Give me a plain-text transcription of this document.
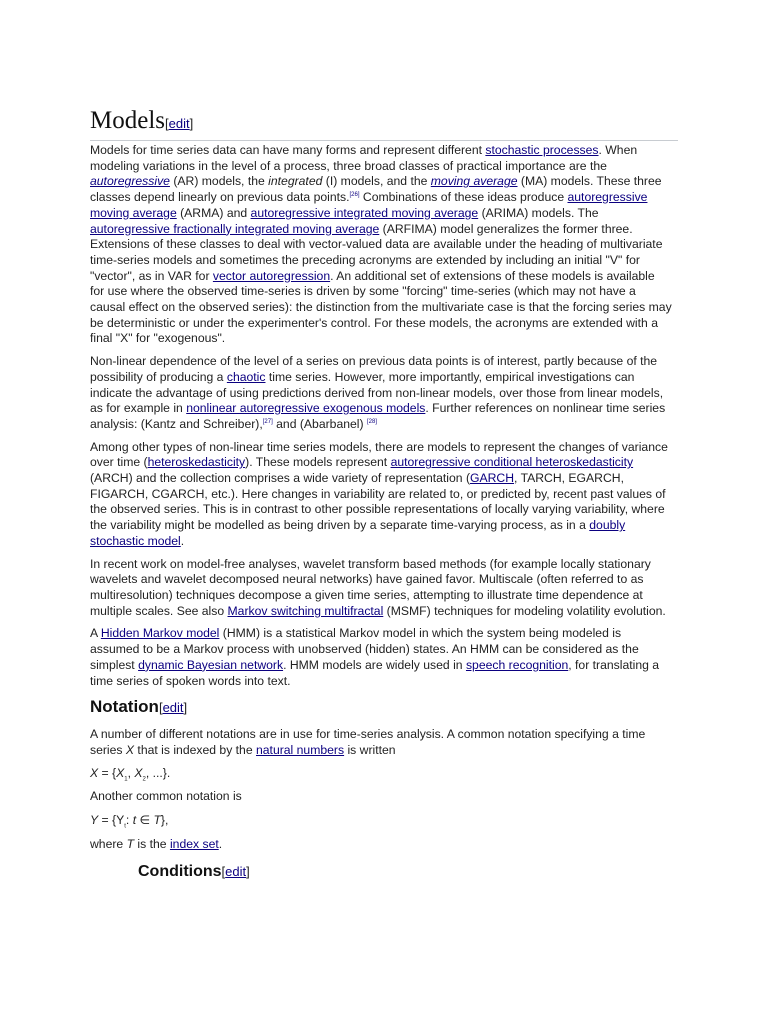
Models[edit]

Models for time series data can have many forms and represent different stochastic processes. When modeling variations in the level of a process, three broad classes of practical importance are the autoregressive (AR) models, the integrated (I) models, and the moving average (MA) models. These three classes depend linearly on previous data points.[26] Combinations of these ideas produce autoregressive moving average (ARMA) and autoregressive integrated moving average (ARIMA) models. The autoregressive fractionally integrated moving average (ARFIMA) model generalizes the former three. Extensions of these classes to deal with vector-valued data are available under the heading of multivariate time-series models and sometimes the preceding acronyms are extended by including an initial "V" for "vector", as in VAR for vector autoregression. An additional set of extensions of these models is available for use where the observed time-series is driven by some "forcing" time-series (which may not have a causal effect on the observed series): the distinction from the multivariate case is that the forcing series may be deterministic or under the experimenter's control. For these models, the acronyms are extended with a final "X" for "exogenous".

Non-linear dependence of the level of a series on previous data points is of interest, partly because of the possibility of producing a chaotic time series. However, more importantly, empirical investigations can indicate the advantage of using predictions derived from non-linear models, over those from linear models, as for example in nonlinear autoregressive exogenous models. Further references on nonlinear time series analysis: (Kantz and Schreiber),[27] and (Abarbanel) [28]

Among other types of non-linear time series models, there are models to represent the changes of variance over time (heteroskedasticity). These models represent autoregressive conditional heteroskedasticity (ARCH) and the collection comprises a wide variety of representation (GARCH, TARCH, EGARCH, FIGARCH, CGARCH, etc.). Here changes in variability are related to, or predicted by, recent past values of the observed series. This is in contrast to other possible representations of locally varying variability, where the variability might be modelled as being driven by a separate time-varying process, as in a doubly stochastic model.

In recent work on model-free analyses, wavelet transform based methods (for example locally stationary wavelets and wavelet decomposed neural networks) have gained favor. Multiscale (often referred to as multiresolution) techniques decompose a given time series, attempting to illustrate time dependence at multiple scales. See also Markov switching multifractal (MSMF) techniques for modeling volatility evolution.

A Hidden Markov model (HMM) is a statistical Markov model in which the system being modeled is assumed to be a Markov process with unobserved (hidden) states. An HMM can be considered as the simplest dynamic Bayesian network. HMM models are widely used in speech recognition, for translating a time series of spoken words into text.

Notation[edit]

A number of different notations are in use for time-series analysis. A common notation specifying a time series X that is indexed by the natural numbers is written

$X = \{X_1$, $X_2$, ...}.
Another common notation is
$Y = \{Y_t$: t ∈ T},
where T is the index set.
Conditions[edit]
